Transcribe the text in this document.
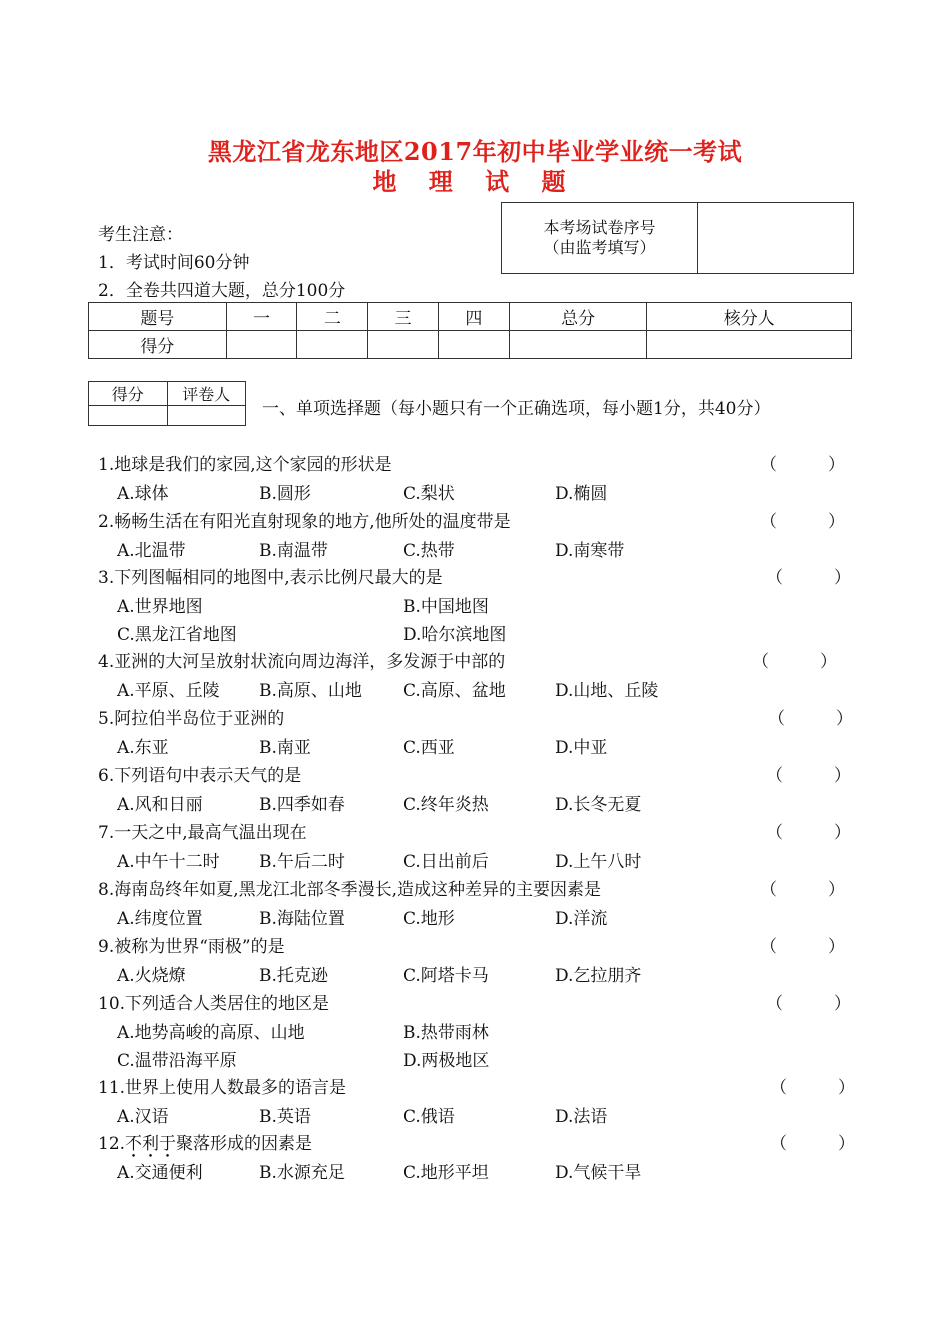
黑龙江省龙东地区2017年初中毕业学业统一考试
地 理 试 题
本考场试卷序号
（由监考填写）
考生注意：
1．考试时间60分钟
2．全卷共四道大题，总分100分
题号	一	二	三	四	总分	核分人
得分						
得分	评卷人

一、单项选择题（每小题只有一个正确选项，每小题1分，共40分）
1.地球是我们的家园,这个家园的形状是	（　　　）
A.球体	B.圆形	C.梨状	D.椭圆
2.畅畅生活在有阳光直射现象的地方,他所处的温度带是	（　　　）
A.北温带	B.南温带	C.热带	D.南寒带
3.下列图幅相同的地图中,表示比例尺最大的是	（　　　）
A.世界地图	B.中国地图
C.黑龙江省地图	D.哈尔滨地图
4.亚洲的大河呈放射状流向周边海洋，多发源于中部的	（　　　）
A.平原、丘陵 B.高原、山地 C.高原、盆地	D.山地、丘陵
5.阿拉伯半岛位于亚洲的	（　　　）
A.东亚	B.南亚	C.西亚	D.中亚
6.下列语句中表示天气的是	（　　　）
A.风和日丽	B.四季如春	C.终年炎热	D.长冬无夏
7.一天之中,最高气温出现在	（　　　）
A.中午十二时 B.午后二时	C.日出前后	D.上午八时
8.海南岛终年如夏,黑龙江北部冬季漫长,造成这种差异的主要因素是	（　　　）
A.纬度位置	B.海陆位置	C.地形	D.洋流
9.被称为世界“雨极”的是	（　　　）
A.火烧燎	B.托克逊	C.阿塔卡马	D.乞拉朋齐
10.下列适合人类居住的地区是	（　　　）
A.地势高峻的高原、山地	B.热带雨林
C.温带沿海平原	D.两极地区
11.世界上使用人数最多的语言是	（　　　）
A.汉语	B.英语	C.俄语	D.法语
12.不利于聚落形成的因素是	（　　　）
A.交通便利	B.水源充足	C.地形平坦	D.气候干旱
